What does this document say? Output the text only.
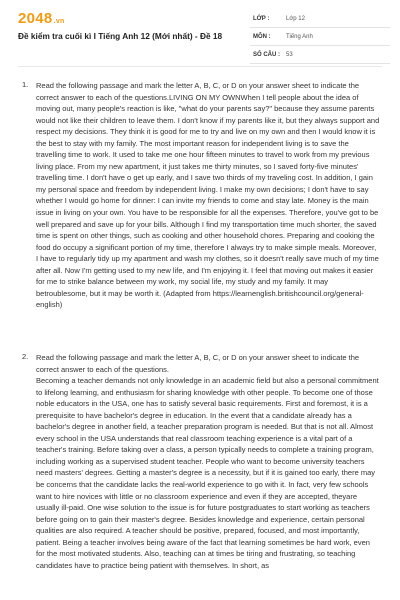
2048.vn
Đề kiểm tra cuối kì I Tiếng Anh 12 (Mới nhất) - Đề 18
LỚP :	Lớp 12
MÔN :	Tiếng Anh
SỐ CÂU :	53
1. Read the following passage and mark the letter A, B, C, or D on your answer sheet to indicate the correct answer to each of the questions.LIVING ON MY OWNWhen I tell people about the idea of moving out, many people's reaction is like, "what do your parents say?" because they assume parents would not like their children to leave them. I don't know if my parents like it, but they always support and respect my decisions. They think it is good for me to try and live on my own and then I would know it is the best to stay with my family. The most important reason for independent living is to save the travelling time to work. It used to take me one hour fifteen minutes to travel to work from my previous living place. From my new apartment, it just takes me thirty minutes, so I saved forty-five minutes' travelling time. I don't have o get up early, and I save two thirds of my traveling cost. In addition, I gain my personal space and freedom by independent living. I make my own decisions; I don't have to say whether I would go home for dinner: I can invite my friends to come and stay late. Money is the main issue in living on your own. You have to be responsible for all the expenses. Therefore, you've got to be well prepared and save up for your bills. Although I find my transportation time much shorter, the saved time is spent on other things, such as cooking and other household chores. Preparing and cooking the food do occupy a significant portion of my time, therefore I always try to make simple meals. Moreover, I have to regularly tidy up my apartment and wash my clothes, so it doesn't really save much of my time after all. Now I'm getting used to my new life, and I'm enjoying it. I feel that moving out makes it easier for me to strike balance between my work, my social life, my study and my family. It may betroublesome, but it may be worth it. (Adapted from https://learnenglish.britishcouncil.org/general-english)

2. Read the following passage and mark the letter A, B, C, or D on your answer sheet to indicate the correct answer to each of the questions.

Becoming a teacher demands not only knowledge in an academic field but also a personal commitment to lifelong learning, and enthusiasm for sharing knowledge with other people. To become one of those noble educators in the USA, one has to satisfy several basic requirements. First and foremost, it is a prerequisite to have bachelor's degree in education. In the event that a candidate already has a bachelor's degree in another field, a teacher preparation program is needed. But that is not all. Almost every school in the USA understands that real classroom teaching experience is a vital part of a teacher's training. Before taking over a class, a person typically needs to complete a training program, including working as a supervised student teacher. People who want to become university teachers need masters' degrees. Getting a master's degree is a necessity, but if it is gained too early, there may be concerns that the candidate lacks the real-world experience to go with it. In fact, very few schools want to hire novices with little or no classroom experience and even if they are accepted, theyare usually ill-paid. One wise solution to the issue is for future postgraduates to start working as teachers before going on to gain their master's degree. Besides knowledge and experience, certain personal qualities are also required. A teacher should be positive, prepared, focused, and most importantly, patient. Being a teacher involves being aware of the fact that learning sometimes be hard work, even for the most motivated students. Also, teaching can at times be tiring and frustrating, so teaching candidates have to practice being patient with themselves. In short, as
